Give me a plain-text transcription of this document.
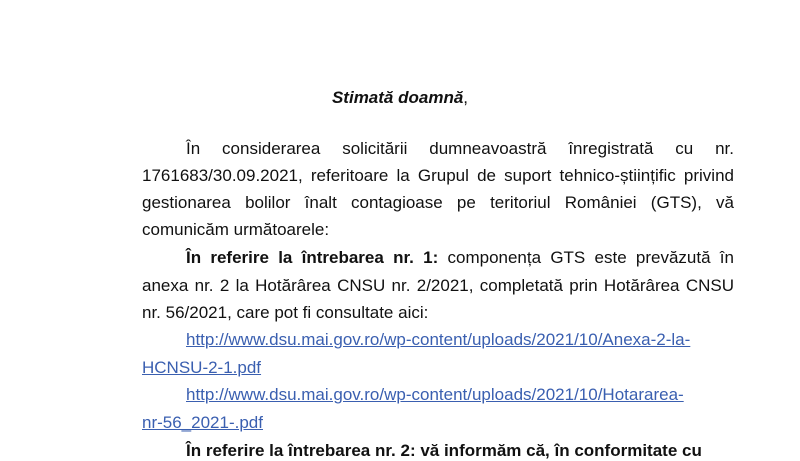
Stimată doamnă,
În considerarea solicitării dumneavoastră înregistrată cu nr.
1761683/30.09.2021, referitoare la Grupul de suport tehnico-științific privind
gestionarea bolilor înalt contagioase pe teritoriul României (GTS), vă
comunicăm următoarele:
În referire la întrebarea nr. 1: componența GTS este prevăzută în
anexa nr. 2 la Hotărârea CNSU nr. 2/2021, completată prin Hotărârea CNSU
nr. 56/2021, care pot fi consultate aici:
http://www.dsu.mai.gov.ro/wp-content/uploads/2021/10/Anexa-2-la-
HCNSU-2-1.pdf
http://www.dsu.mai.gov.ro/wp-content/uploads/2021/10/Hotararea-
nr-56_2021-.pdf
În referire la întrebarea nr. 2: vă informăm că, în conformitate cu
